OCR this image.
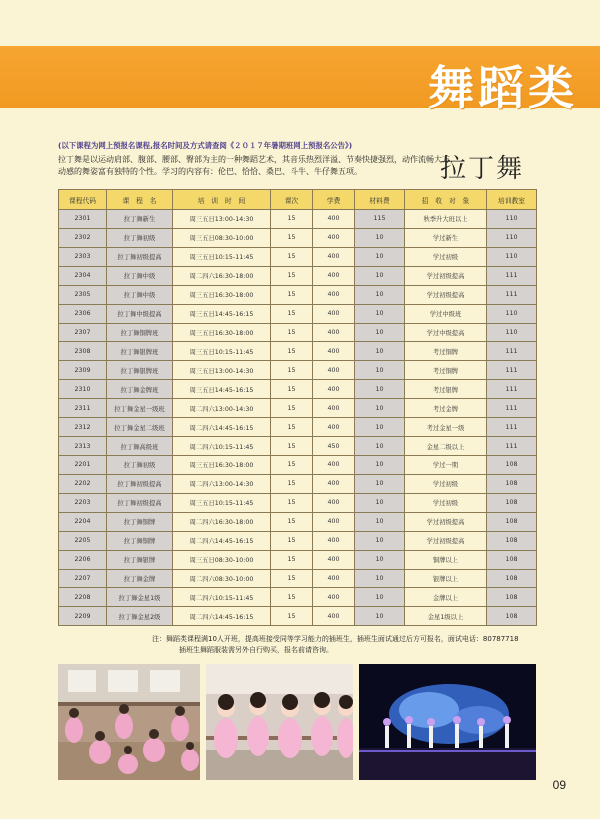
舞蹈类
(以下课程为网上预报名课程,报名时间及方式请查阅《２０１７年暑期班网上预报名公告》)
拉丁舞是以运动肩部、腹部、腰部、臀部为主的一种舞蹈艺术，其音乐热烈洋溢、节奏快捷强烈，动作流畅大方，动感的舞姿富有独特的个性。学习的内容有：伦巴、恰恰、桑巴、斗牛、牛仔舞五项。	拉丁舞
课程代码	课　程　名	培　训　时　间	课次	学费	材料费	招　收　对　象	培训教室
2301	拉丁舞新生	周三五日13:00-14:30	15	400	115	秋季升大班以上	110
2302	拉丁舞初级	周三五日08:30-10:00	15	400	10	学过新生	110
2303	拉丁舞初级提高	周三五日10:15-11:45	15	400	10	学过初级	110
2304	拉丁舞中级	周二四六16:30-18:00	15	400	10	学过初级提高	111
2305	拉丁舞中级	周三五日16:30-18:00	15	400	10	学过初级提高	111
2306	拉丁舞中级提高	周三五日14:45-16:15	15	400	10	学过中级班	110
2307	拉丁舞铜牌班	周三五日16:30-18:00	15	400	10	学过中级提高	110
2308	拉丁舞银牌班	周三五日10:15-11:45	15	400	10	考过铜牌	111
2309	拉丁舞银牌班	周三五日13:00-14:30	15	400	10	考过铜牌	111
2310	拉丁舞金牌班	周三五日14:45-16:15	15	400	10	考过银牌	111
2311	拉丁舞金星一级班	周二四六13:00-14:30	15	400	10	考过金牌	111
2312	拉丁舞金星二级班	周二四六14:45-16:15	15	400	10	考过金星一级	111
2313	拉丁舞高级班	周二四六10:15-11:45	15	450	10	金星二级以上	111
2201	拉丁舞初级	周三五日16:30-18:00	15	400	10	学过一期	108
2202	拉丁舞初级提高	周二四六13:00-14:30	15	400	10	学过初级	108
2203	拉丁舞初级提高	周三五日10:15-11:45	15	400	10	学过初级	108
2204	拉丁舞铜牌	周二四六16:30-18:00	15	400	10	学过初级提高	108
2205	拉丁舞铜牌	周二四六14:45-16:15	15	400	10	学过初级提高	108
2206	拉丁舞银牌	周三五日08:30-10:00	15	400	10	铜牌以上	108
2207	拉丁舞金牌	周二四六08:30-10:00	15	400	10	银牌以上	108
2208	拉丁舞金星1级	周二四六10:15-11:45	15	400	10	金牌以上	108
2209	拉丁舞金星2级	周二四六14:45-16:15	15	400	10	金星1级以上	108
注：舞蹈类课程满10人开班，提高班接受同等学习能力的插班生，插班生面试通过后方可报名，面试电话：80787718
插班生舞蹈服装需另外自行购买，报名前请咨询。
09
